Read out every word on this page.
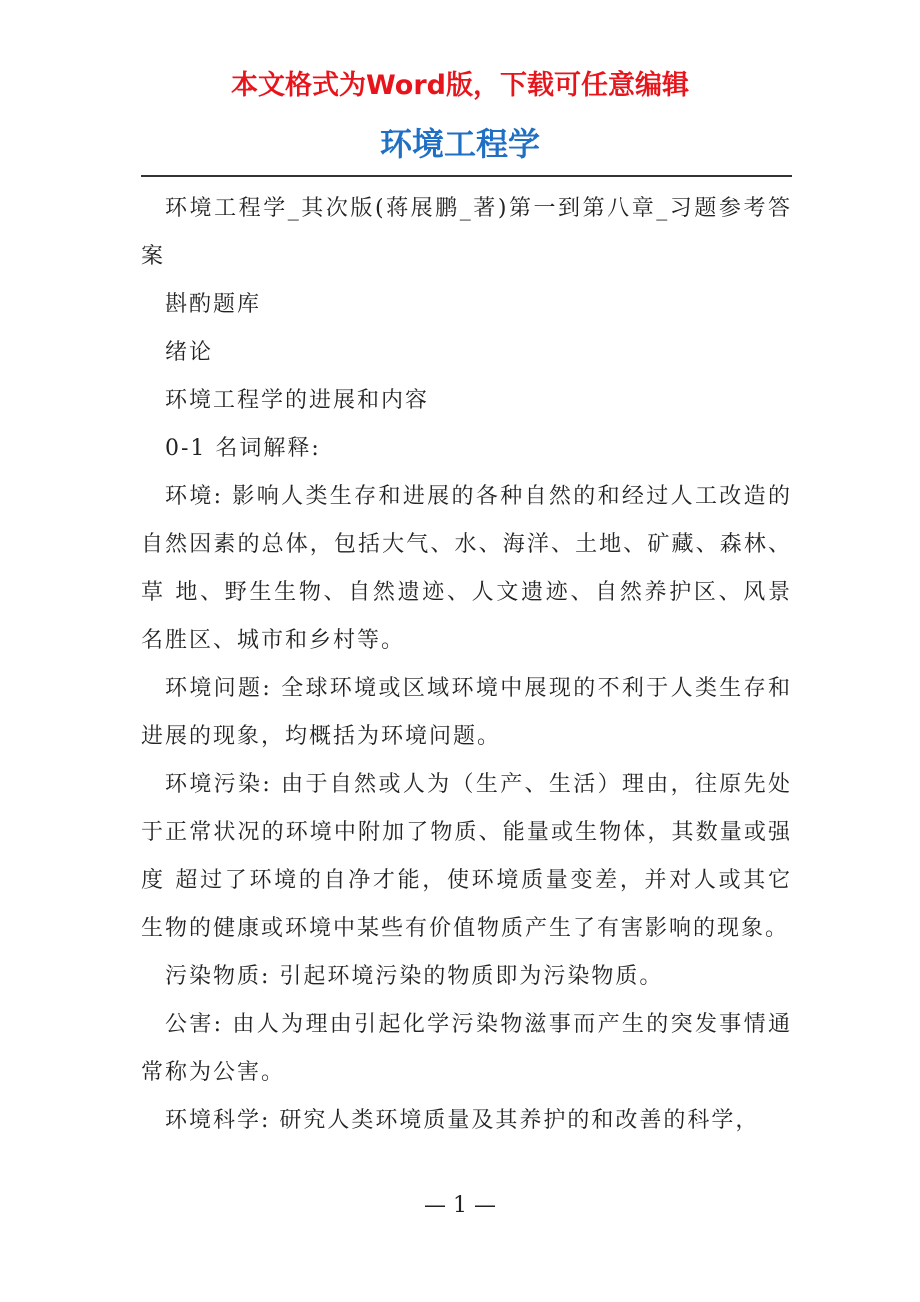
本文格式为Word版，下载可任意编辑
环境工程学

环境工程学_其次版(蒋展鹏_著)第一到第八章_习题参考答案

斟酌题库

绪论

环境工程学的进展和内容

0-1 名词解释:

环境: 影响人类生存和进展的各种自然的和经过人工改造的自然因素的总体，包括大气、水、海洋、土地、矿藏、森林、草 地、野生生物、自然遗迹、人文遗迹、自然养护区、风景名胜区、城市和乡村等。

环境问题: 全球环境或区域环境中展现的不利于人类生存和进展的现象，均概括为环境问题。

环境污染: 由于自然或人为（生产、生活）理由，往原先处于正常状况的环境中附加了物质、能量或生物体，其数量或强度 超过了环境的自净才能，使环境质量变差，并对人或其它生物的健康或环境中某些有价值物质产生了有害影响的现象。

污染物质: 引起环境污染的物质即为污染物质。

公害: 由人为理由引起化学污染物滋事而产生的突发事情通常称为公害。

环境科学: 研究人类环境质量及其养护的和改善的科学，

— 1 —
